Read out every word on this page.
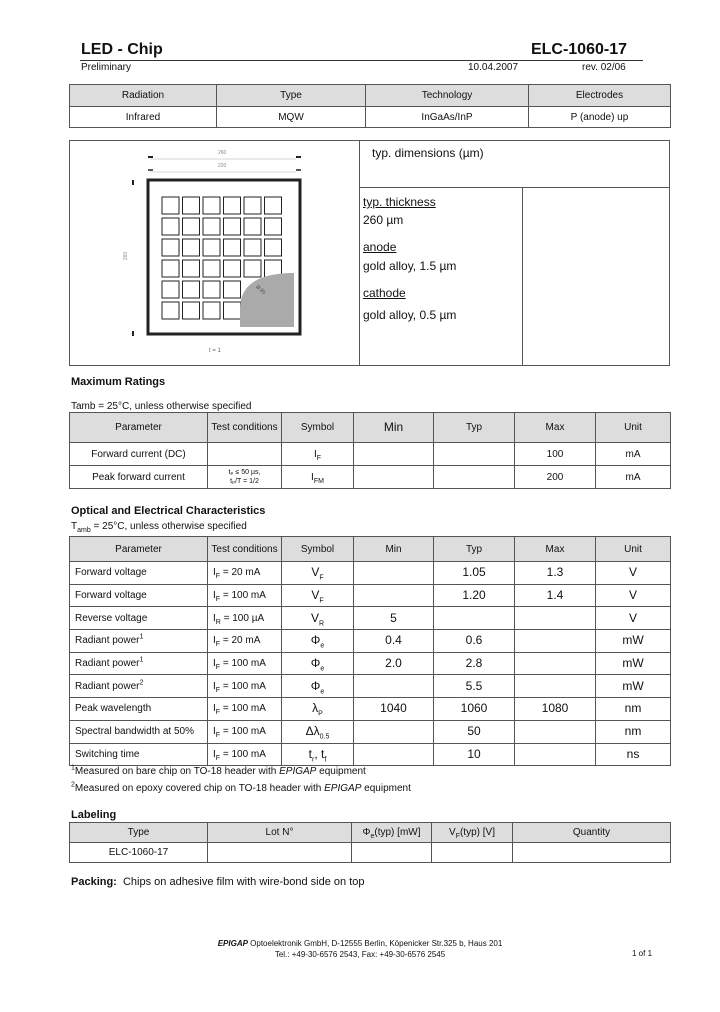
LED - Chip	ELC-1060-17
Preliminary	10.04.2007	rev. 02/06
Radiation	Type	Technology	Electrodes
Infrared	MQW	InGaAs/InP	P (anode) up
260
220
260
Ø 85
t = 1
typ. dimensions (µm)
typ. thickness
260 µm
anode
gold alloy, 1.5 µm
cathode
gold alloy, 0.5 µm
Maximum Ratings
Tamb = 25°C, unless otherwise specified
Parameter	Test conditions	Symbol	Min	Typ	Max	Unit
Forward current (DC)		$I_F$			100	mA
Peak forward current	tₚ ≤ 50 µs,
tₚ/T = 1/2	$I_{FM}$			200	mA
Optical and Electrical Characteristics
$T_{amb} = 25^\circ C$, unless otherwise specified
Parameter	Test conditions	Symbol	Min	Typ	Max	Unit
Forward voltage	$I_F = 20$ mA	$V_F$		1.05	1.3	V
Forward voltage	$I_F = 100$ mA	$V_F$		1.20	1.4	V
Reverse voltage	$I_R = 100$ µA	$V_R$	5			V
Radiant power$^1$	$I_F = 20$ mA	$\Phi_e$	0.4	0.6		mW
Radiant power$^1$	$I_F = 100$ mA	$\Phi_e$	2.0	2.8		mW
Radiant power$^2$	$I_F = 100$ mA	$\Phi_e$		5.5		mW
Peak wavelength	$I_F = 100$ mA	$\lambda_P$	1040	1060	1080	nm
Spectral bandwidth at 50%	$I_F = 100$ mA	$\Delta\lambda_{0.5}$		50		nm
Switching time	$I_F = 100$ mA	$t_r$, $t_f$		10		ns
$^1$Measured on bare chip on TO-18 header with EPIGAP equipment
$^2$Measured on epoxy covered chip on TO-18 header with EPIGAP equipment
Labeling
Type	Lot N°	$\Phi_e(typ)$ [mW]	$V_F(typ)$ [V]	Quantity
ELC-1060-17				
Packing: Chips on adhesive film with wire-bond side on top
EPIGAP Optoelektronik GmbH, D-12555 Berlin, Köpenicker Str.325 b, Haus 201
Tel.: +49-30-6576 2543, Fax: +49-30-6576 2545	1 of 1
